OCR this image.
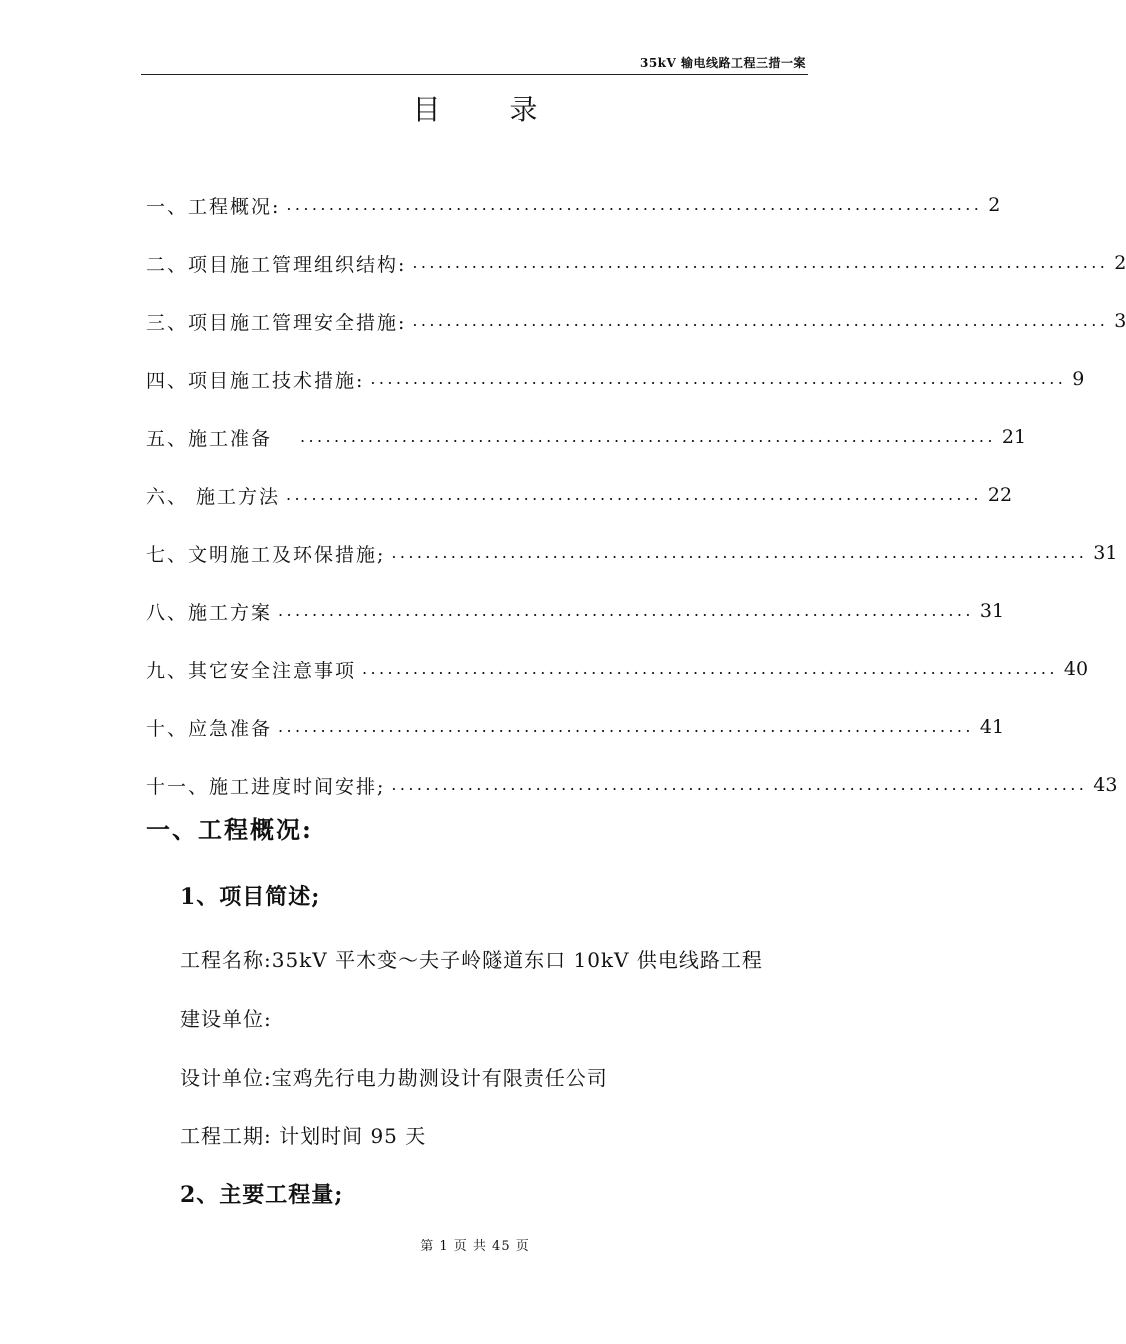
35kV 输电线路工程三措一案
目 录
一、工程概况: .................................................................................. 2
二、项目施工管理组织结构: .................................................................................. 2
三、项目施工管理安全措施: .................................................................................. 3
四、项目施工技术措施: .................................................................................. 9
五、施工准备 .................................................................................. 21
六、 施工方法 .................................................................................. 22
七、文明施工及环保措施; .................................................................................. 31
八、施工方案 .................................................................................. 31
九、其它安全注意事项 .................................................................................. 40
十、应急准备 .................................................................................. 41
十一、施工进度时间安排; .................................................................................. 43
一、工程概况:
1、项目简述;
工程名称:35kV 平木变～夫子岭隧道东口 10kV 供电线路工程
建设单位:
设计单位:宝鸡先行电力勘测设计有限责任公司
工程工期: 计划时间 95 天
2、主要工程量;
第 1 页 共 45 页
